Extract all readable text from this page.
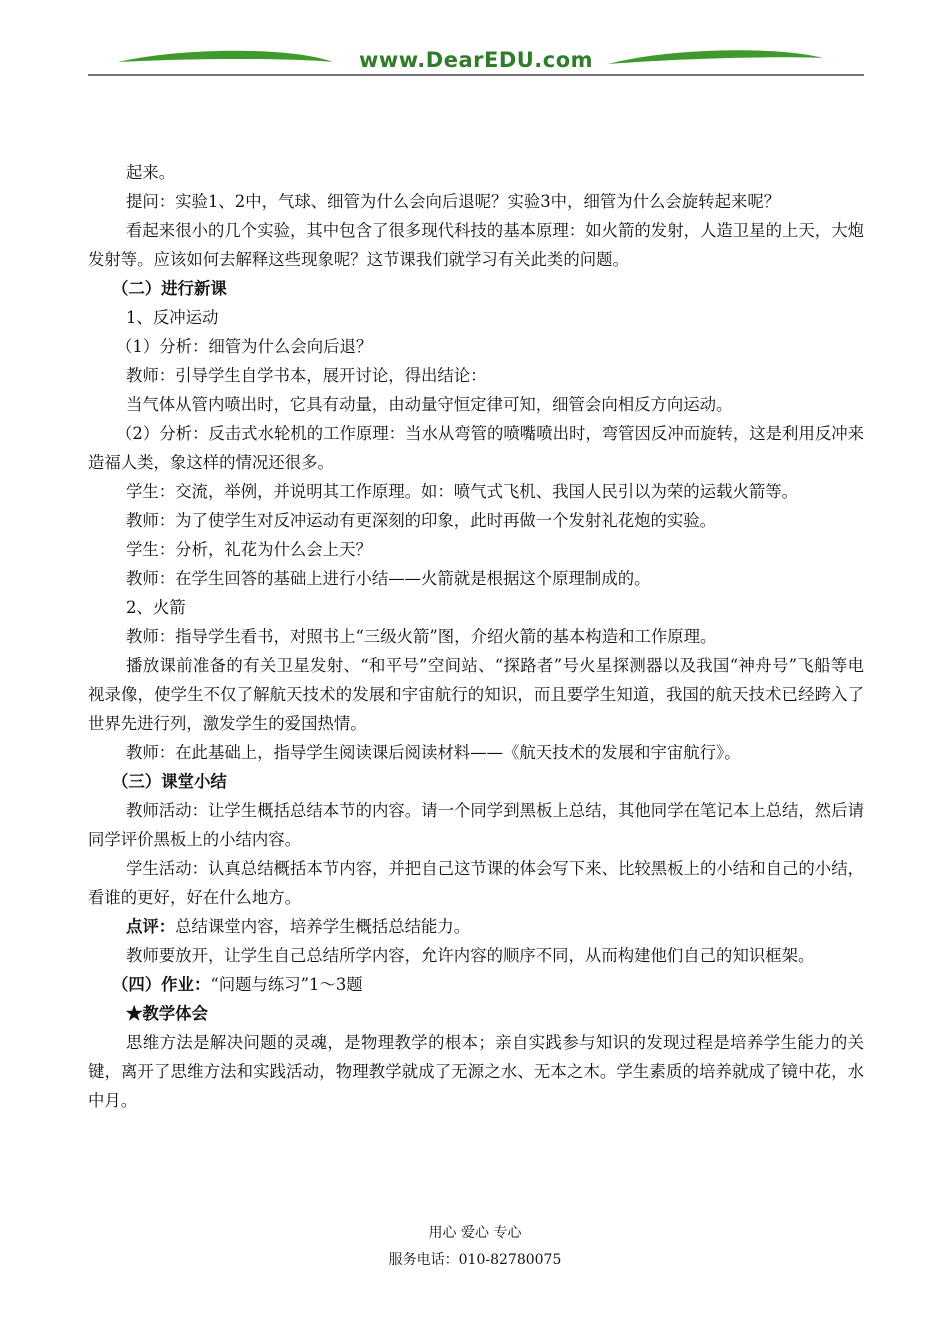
www.DearEDU.com

起来。

提问：实验1、2中，气球、细管为什么会向后退呢？实验3中，细管为什么会旋转起来呢？

看起来很小的几个实验，其中包含了很多现代科技的基本原理：如火箭的发射，人造卫星的上天，大炮发射等。应该如何去解释这些现象呢？这节课我们就学习有关此类的问题。

（二）进行新课

1、反冲运动

（1）分析：细管为什么会向后退？

教师：引导学生自学书本，展开讨论，得出结论：

当气体从管内喷出时，它具有动量，由动量守恒定律可知，细管会向相反方向运动。

（2）分析：反击式水轮机的工作原理：当水从弯管的喷嘴喷出时，弯管因反冲而旋转，这是利用反冲来造福人类，象这样的情况还很多。

学生：交流，举例，并说明其工作原理。如：喷气式飞机、我国人民引以为荣的运载火箭等。

教师：为了使学生对反冲运动有更深刻的印象，此时再做一个发射礼花炮的实验。

学生：分析，礼花为什么会上天？

教师：在学生回答的基础上进行小结——火箭就是根据这个原理制成的。

2、火箭

教师：指导学生看书，对照书上“三级火箭”图，介绍火箭的基本构造和工作原理。

播放课前准备的有关卫星发射、“和平号”空间站、“探路者”号火星探测器以及我国“神舟号”飞船等电视录像，使学生不仅了解航天技术的发展和宇宙航行的知识，而且要学生知道，我国的航天技术已经跨入了世界先进行列，激发学生的爱国热情。

教师：在此基础上，指导学生阅读课后阅读材料——《航天技术的发展和宇宙航行》。

（三）课堂小结

教师活动：让学生概括总结本节的内容。请一个同学到黑板上总结，其他同学在笔记本上总结，然后请同学评价黑板上的小结内容。

学生活动：认真总结概括本节内容，并把自己这节课的体会写下来、比较黑板上的小结和自己的小结，看谁的更好，好在什么地方。

点评：总结课堂内容，培养学生概括总结能力。

教师要放开，让学生自己总结所学内容，允许内容的顺序不同，从而构建他们自己的知识框架。

（四）作业：“问题与练习”1～3题

★教学体会

思维方法是解决问题的灵魂，是物理教学的根本；亲自实践参与知识的发现过程是培养学生能力的关键，离开了思维方法和实践活动，物理教学就成了无源之水、无本之木。学生素质的培养就成了镜中花，水中月。

用心 爱心 专心
服务电话：010-82780075
